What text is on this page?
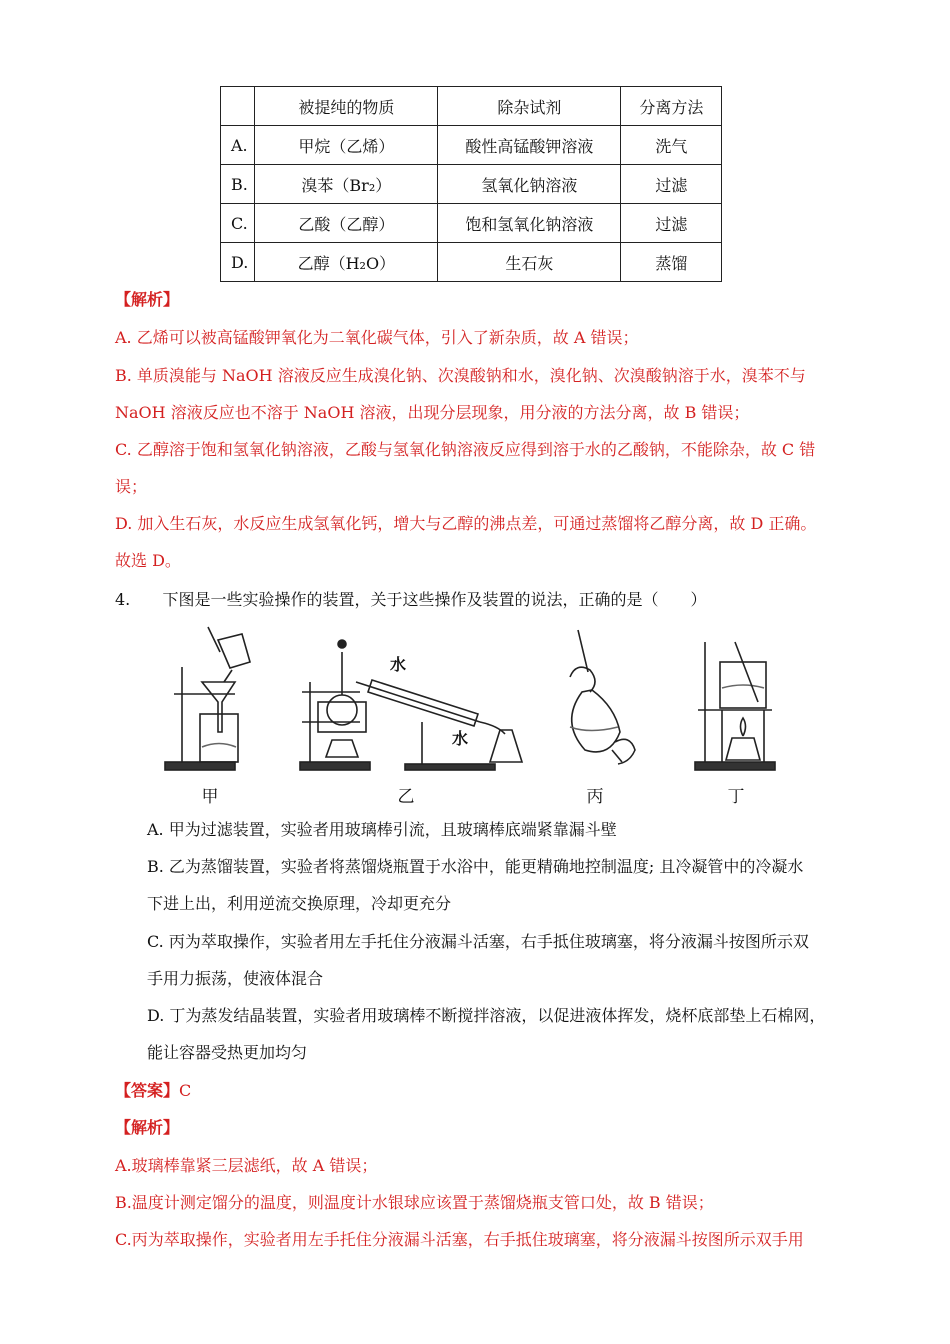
	被提纯的物质	除杂试剂	分离方法
A.	甲烷（乙烯）	酸性高锰酸钾溶液	洗气
B.	溴苯（Br₂）	氢氧化钠溶液	过滤
C.	乙酸（乙醇）	饱和氢氧化钠溶液	过滤
D.	乙醇（H₂O）	生石灰	蒸馏
【解析】
A. 乙烯可以被高锰酸钾氧化为二氧化碳气体，引入了新杂质，故 A 错误；
B. 单质溴能与 NaOH 溶液反应生成溴化钠、次溴酸钠和水，溴化钠、次溴酸钠溶于水，溴苯不与
NaOH 溶液反应也不溶于 NaOH 溶液，出现分层现象，用分液的方法分离，故 B 错误；
C. 乙醇溶于饱和氢氧化钠溶液，乙酸与氢氧化钠溶液反应得到溶于水的乙酸钠，不能除杂，故 C 错
误；
D. 加入生石灰，水反应生成氢氧化钙，增大与乙醇的沸点差，可通过蒸馏将乙醇分离，故 D 正确。
故选 D。
4. 下图是一些实验操作的装置，关于这些操作及装置的说法，正确的是（　　）
水
水
甲	乙	丙	丁
A. 甲为过滤装置，实验者用玻璃棒引流，且玻璃棒底端紧靠漏斗壁
B. 乙为蒸馏装置，实验者将蒸馏烧瓶置于水浴中，能更精确地控制温度; 且冷凝管中的冷凝水
下进上出，利用逆流交换原理，冷却更充分
C. 丙为萃取操作，实验者用左手托住分液漏斗活塞，右手抵住玻璃塞，将分液漏斗按图所示双
手用力振荡，使液体混合
D. 丁为蒸发结晶装置，实验者用玻璃棒不断搅拌溶液，以促进液体挥发，烧杯底部垫上石棉网，
能让容器受热更加均匀
【答案】C
【解析】
A.玻璃棒靠紧三层滤纸，故 A 错误；
B.温度计测定馏分的温度，则温度计水银球应该置于蒸馏烧瓶支管口处，故 B 错误；
C.丙为萃取操作，实验者用左手托住分液漏斗活塞，右手抵住玻璃塞，将分液漏斗按图所示双手用
